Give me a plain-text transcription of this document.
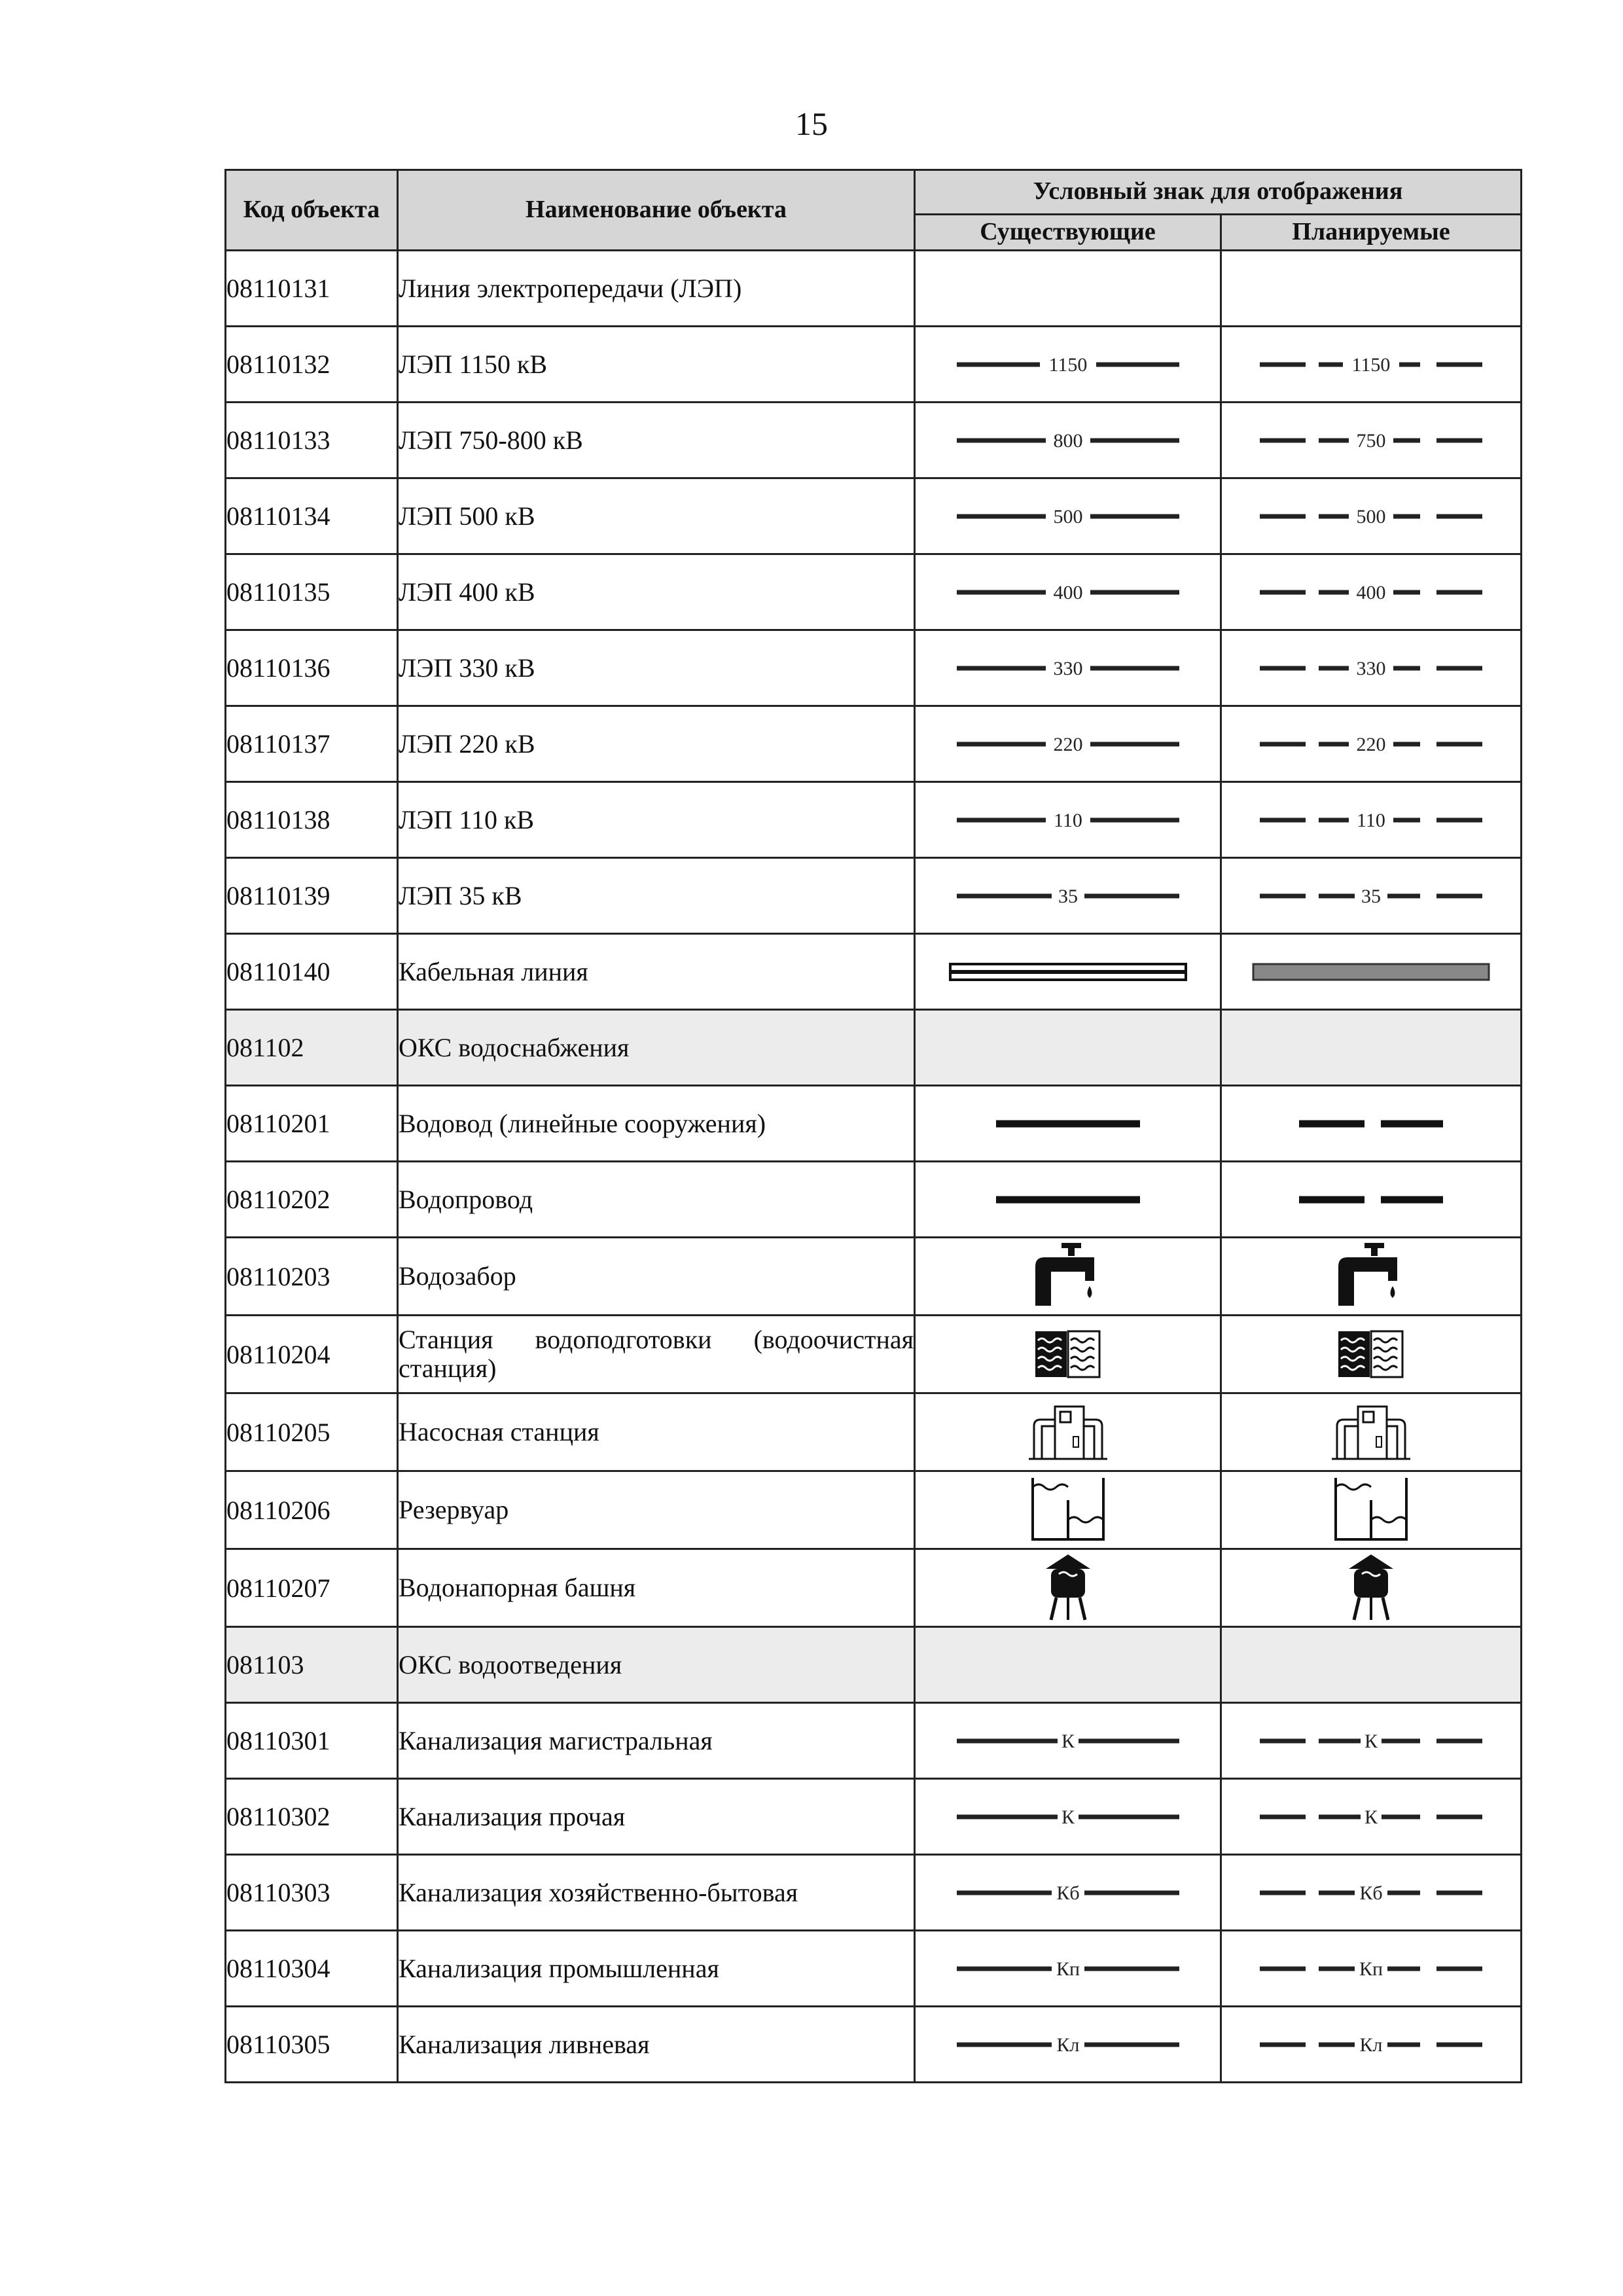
15
Код объекта	Наименование объекта	Условный знак для отображения	
		Существующие	Планируемые
08110131	Линия электропередачи (ЛЭП)		
08110132	ЛЭП 1150 кВ	1150	1150

08110133	ЛЭП 750-800 кВ	800	750

08110134	ЛЭП 500 кВ	500	500

08110135	ЛЭП 400 кВ	400	400

08110136	ЛЭП 330 кВ	330	330

08110137	ЛЭП 220 кВ	220	220

08110138	ЛЭП 110 кВ	110	110

08110139	ЛЭП 35 кВ	35	35

08110140	Кабельная линия	

081102	ОКС водоснабжения		
08110201	Водовод (линейные сооружения)	

08110202	Водопровод	

08110203	Водозабор	

08110204	Станция водоподготовки (водоочистная станция)	

08110205	Насосная станция	

08110206	Резервуар	

08110207	Водонапорная башня	

081103	ОКС водоотведения		
08110301	Канализация магистральная	К	К

08110302	Канализация прочая	К	К

08110303	Канализация хозяйственно-бытовая	Кб	Кб

08110304	Канализация промышленная	Кп	Кп

08110305	Канализация ливневая	Кл	Кл
